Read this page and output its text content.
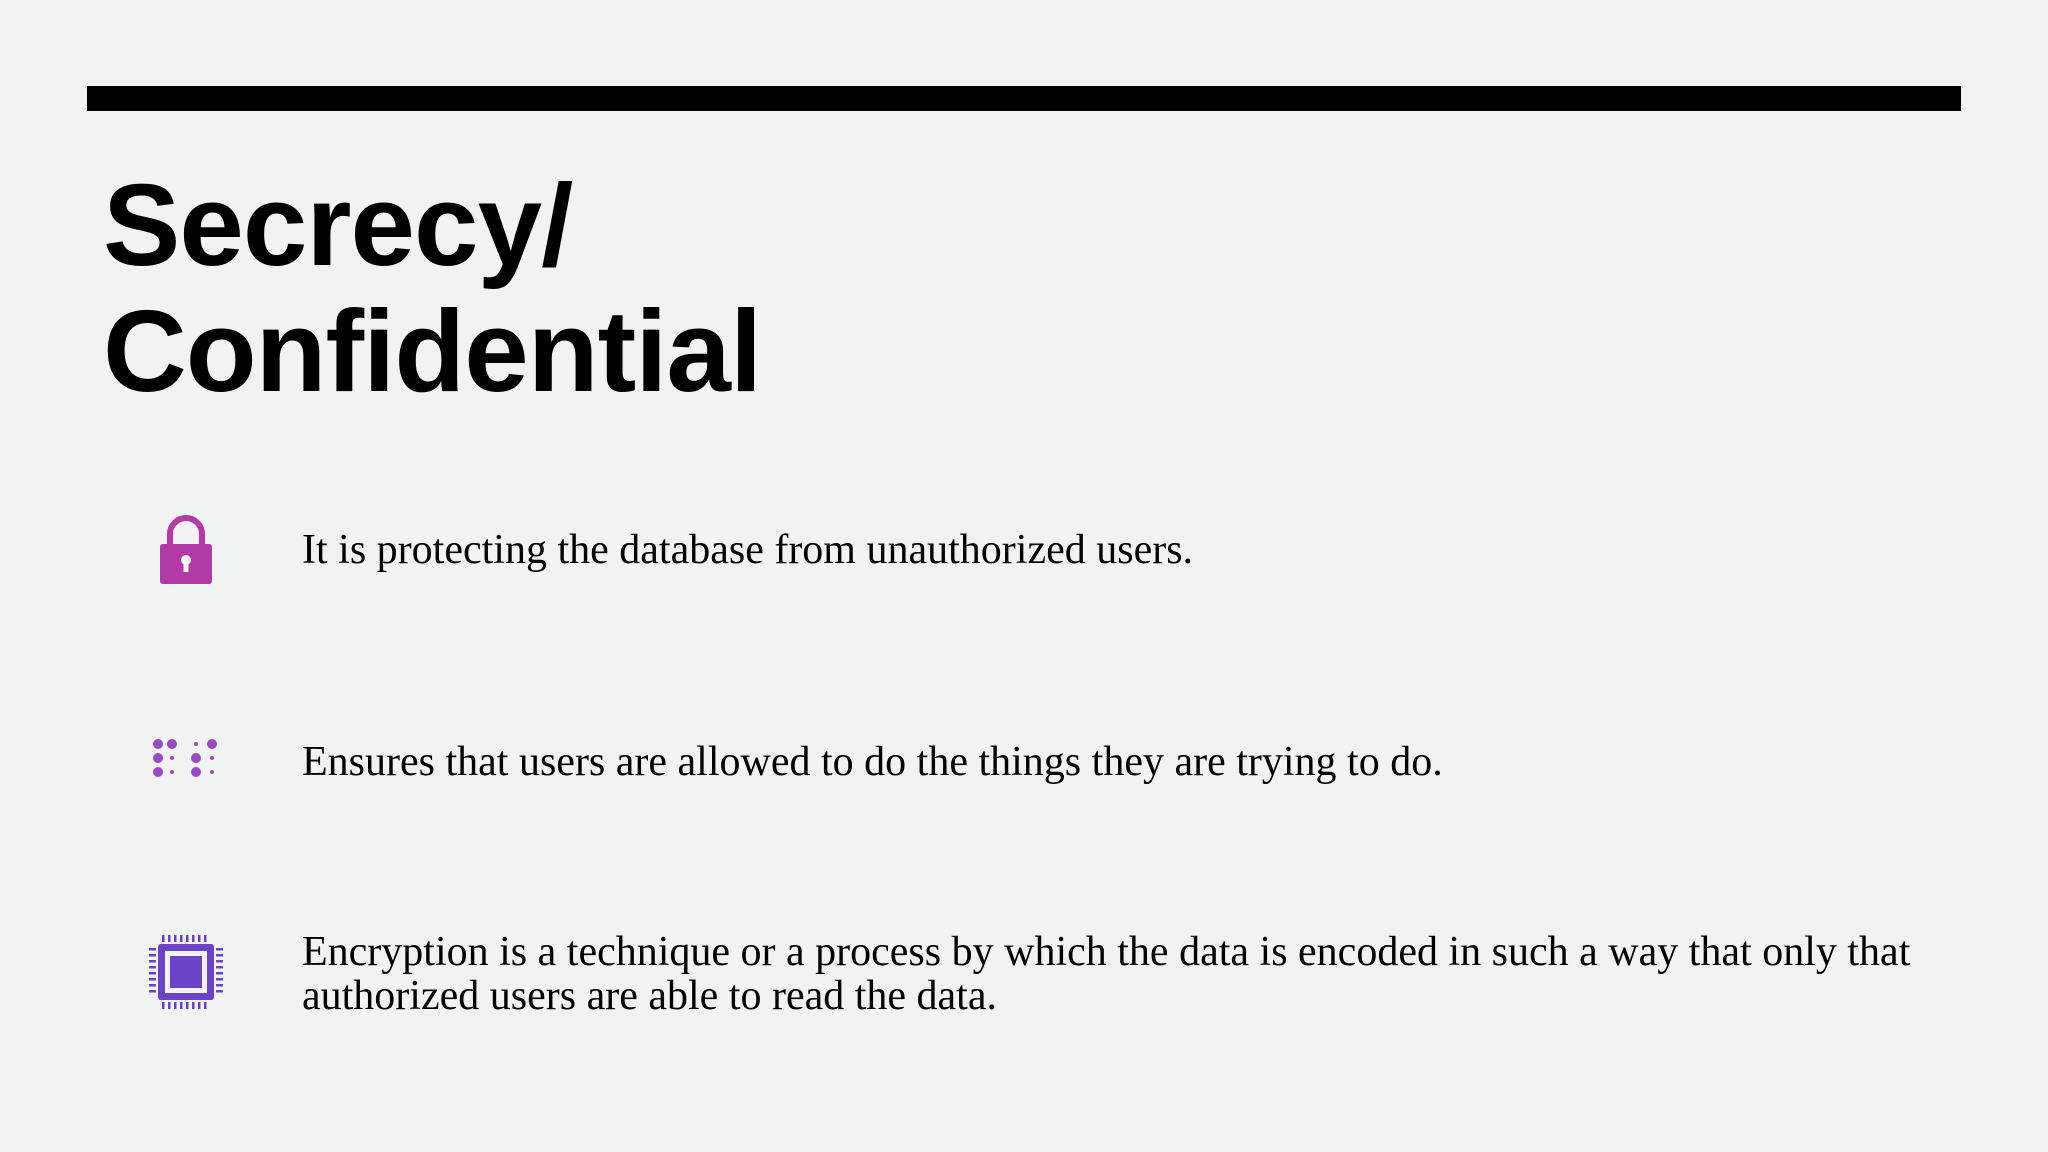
Secrecy/
Confidential

It is protecting the database from unauthorized users.

Ensures that users are allowed to do the things they are trying to do.

Encryption is a technique or a process by which the data is encoded in such a way that only that authorized users are able to read the data.
